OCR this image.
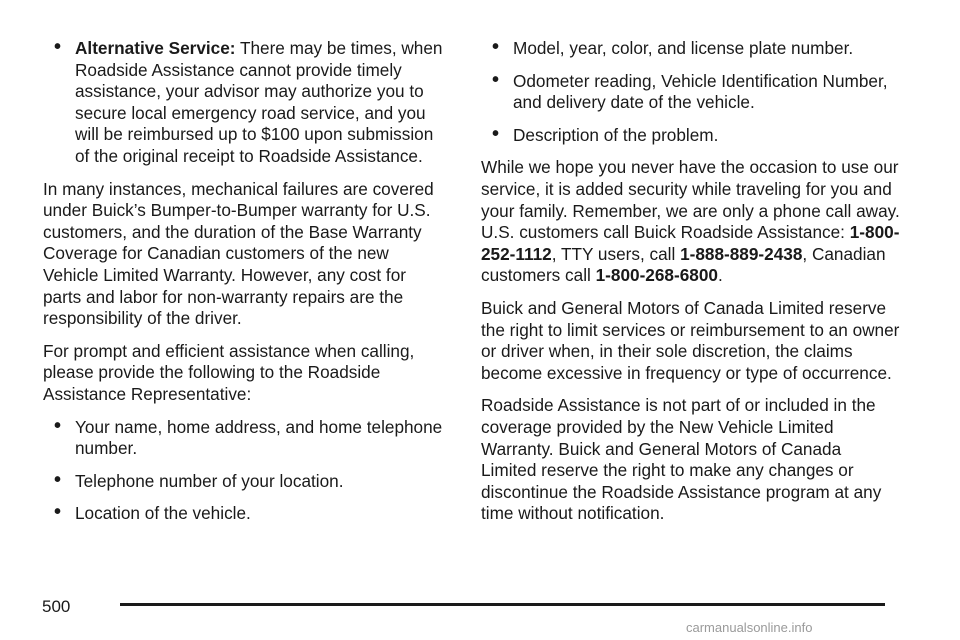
• Alternative Service: There may be times, when Roadside Assistance cannot provide timely assistance, your advisor may authorize you to secure local emergency road service, and you will be reimbursed up to $100 upon submission of the original receipt to Roadside Assistance.

In many instances, mechanical failures are covered under Buick’s Bumper-to-Bumper warranty for U.S. customers, and the duration of the Base Warranty Coverage for Canadian customers of the new Vehicle Limited Warranty. However, any cost for parts and labor for non-warranty repairs are the responsibility of the driver.

For prompt and efficient assistance when calling, please provide the following to the Roadside Assistance Representative:

• Your name, home address, and home telephone number.
• Telephone number of your location.
• Location of the vehicle.
• Model, year, color, and license plate number.
• Odometer reading, Vehicle Identification Number, and delivery date of the vehicle.
• Description of the problem.

While we hope you never have the occasion to use our service, it is added security while traveling for you and your family. Remember, we are only a phone call away. U.S. customers call Buick Roadside Assistance: 1-800-252-1112, TTY users, call 1-888-889-2438, Canadian customers call 1-800-268-6800.

Buick and General Motors of Canada Limited reserve the right to limit services or reimbursement to an owner or driver when, in their sole discretion, the claims become excessive in frequency or type of occurrence.

Roadside Assistance is not part of or included in the coverage provided by the New Vehicle Limited Warranty. Buick and General Motors of Canada Limited reserve the right to make any changes or discontinue the Roadside Assistance program at any time without notification.

500
carmanualsonline.info
